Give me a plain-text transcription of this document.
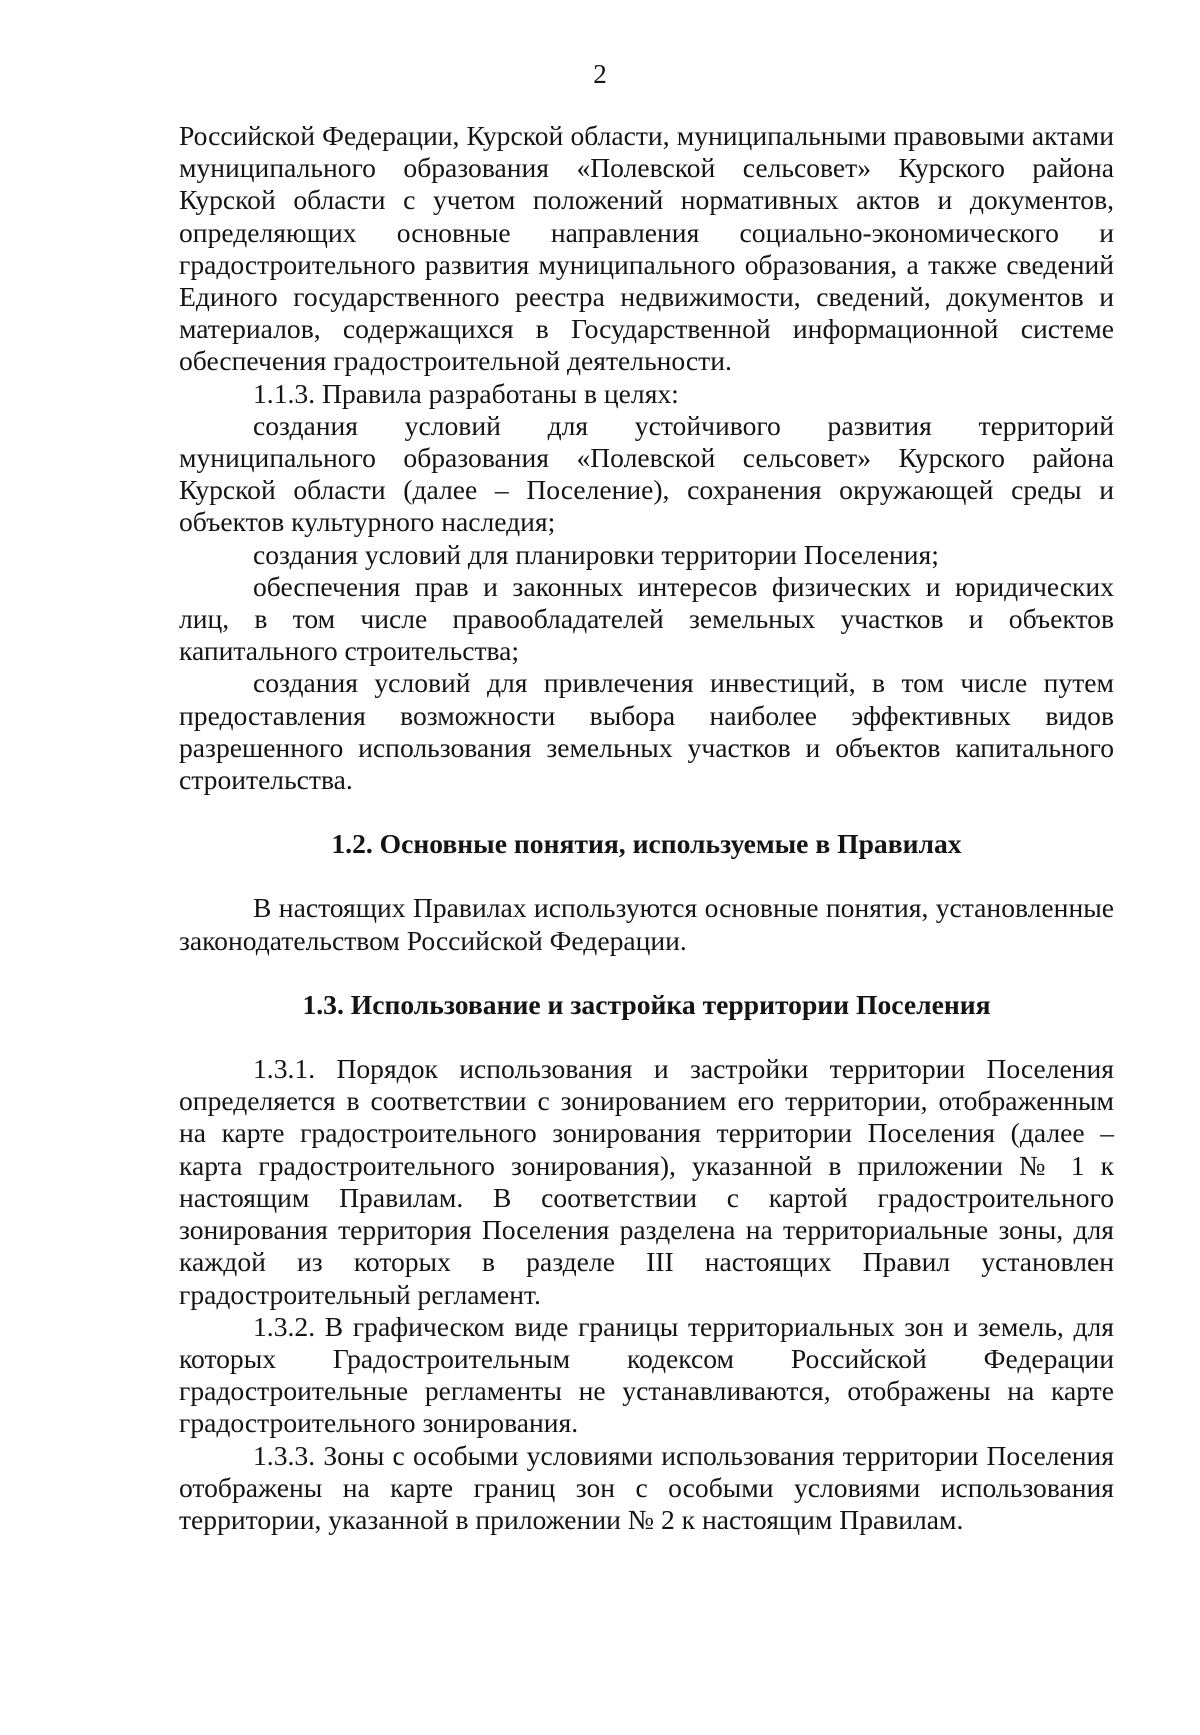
2

Российской Федерации, Курской области, муниципальными правовыми актами муниципального образования «Полевской сельсовет» Курского района Курской области с учетом положений нормативных актов и документов, определяющих основные направления социально-экономического и градостроительного развития муниципального образования, а также сведений Единого государственного реестра недвижимости, сведений, документов и материалов, содержащихся в Государственной информационной системе обеспечения градостроительной деятельности.

1.1.3. Правила разработаны в целях:

создания условий для устойчивого развития территорий муниципального образования «Полевской сельсовет» Курского района Курской области (далее – Поселение), сохранения окружающей среды и объектов культурного наследия;

создания условий для планировки территории Поселения;

обеспечения прав и законных интересов физических и юридических лиц, в том числе правообладателей земельных участков и объектов капитального строительства;

создания условий для привлечения инвестиций, в том числе путем предоставления возможности выбора наиболее эффективных видов разрешенного использования земельных участков и объектов капитального строительства.

1.2. Основные понятия, используемые в Правилах

В настоящих Правилах используются основные понятия, установленные законодательством Российской Федерации.

1.3. Использование и застройка территории Поселения

1.3.1. Порядок использования и застройки территории Поселения определяется в соответствии с зонированием его территории, отображенным на карте градостроительного зонирования территории Поселения (далее – карта градостроительного зонирования), указанной в приложении № 1 к настоящим Правилам. В соответствии с картой градостроительного зонирования территория Поселения разделена на территориальные зоны, для каждой из которых в разделе III настоящих Правил установлен градостроительный регламент.

1.3.2. В графическом виде границы территориальных зон и земель, для которых Градостроительным кодексом Российской Федерации градостроительные регламенты не устанавливаются, отображены на карте градостроительного зонирования.

1.3.3. Зоны с особыми условиями использования территории Поселения отображены на карте границ зон с особыми условиями использования территории, указанной в приложении № 2 к настоящим Правилам.
